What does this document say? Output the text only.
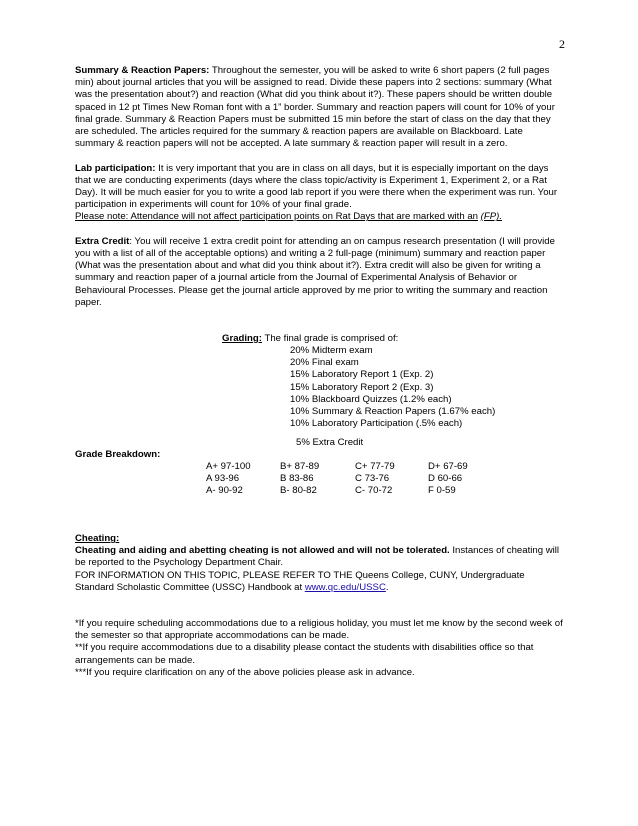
2

Summary & Reaction Papers: Throughout the semester, you will be asked to write 6 short papers (2 full pages min) about journal articles that you will be assigned to read. Divide these papers into 2 sections: summary (What was the presentation about?) and reaction (What did you think about it?). These papers should be written double spaced in 12 pt Times New Roman font with a 1” border. Summary and reaction papers will count for 10% of your final grade. Summary & Reaction Papers must be submitted 15 min before the start of class on the day that they are scheduled. The articles required for the summary & reaction papers are available on Blackboard. Late summary & reaction papers will not be accepted. A late summary & reaction paper will result in a zero.

Lab participation: It is very important that you are in class on all days, but it is especially important on the days that we are conducting experiments (days where the class topic/activity is Experiment 1, Experiment 2, or a Rat Day). It will be much easier for you to write a good lab report if you were there when the experiment was run. Your participation in experiments will count for 10% of your final grade.
Please note: Attendance will not affect participation points on Rat Days that are marked with an (FP).

Extra Credit: You will receive 1 extra credit point for attending an on campus research presentation (I will provide you with a list of all of the acceptable options) and writing a 2 full-page (minimum) summary and reaction paper (What was the presentation about and what did you think about it?). Extra credit will also be given for writing a summary and reaction paper of a journal article from the Journal of Experimental Analysis of Behavior or Behavioural Processes. Please get the journal article approved by me prior to writing the summary and reaction paper.

Grading: The final grade is comprised of:
20% Midterm exam
20% Final exam
15% Laboratory Report 1 (Exp. 2)
15% Laboratory Report 2 (Exp. 3)
10% Blackboard Quizzes (1.2% each)
10% Summary & Reaction Papers (1.67% each)
10% Laboratory Participation (.5% each)
5% Extra Credit
Grade Breakdown:
A+ 97-100	B+ 87-89	C+ 77-79	D+ 67-69
A 93-96	B 83-86	C 73-76	D 60-66
A- 90-92	B- 80-82	C- 70-72	F 0-59

Cheating:
Cheating and aiding and abetting cheating is not allowed and will not be tolerated. Instances of cheating will be reported to the Psychology Department Chair.
FOR INFORMATION ON THIS TOPIC, PLEASE REFER TO THE Queens College, CUNY, Undergraduate Standard Scholastic Committee (USSC) Handbook at www.qc.edu/USSC.

*If you require scheduling accommodations due to a religious holiday, you must let me know by the second week of the semester so that appropriate accommodations can be made.
**If you require accommodations due to a disability please contact the students with disabilities office so that arrangements can be made.
***If you require clarification on any of the above policies please ask in advance.
